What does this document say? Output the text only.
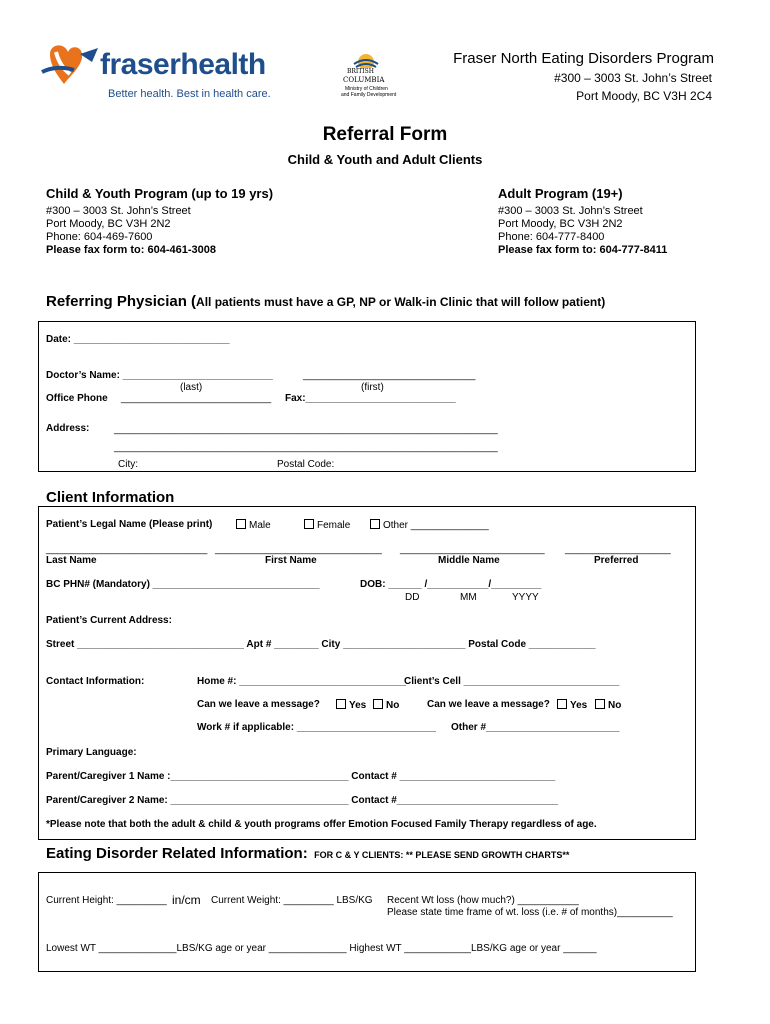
fraserhealth
Better health. Best in health care.
BRITISH
COLUMBIA
Ministry of Children
and Family Development
Fraser North Eating Disorders Program
#300 – 3003 St. John’s Street
Port Moody, BC V3H 2C4
Referral Form
Child & Youth and Adult Clients
Child & Youth Program (up to 19 yrs)
#300 – 3003 St. John’s Street
Port Moody, BC V3H 2N2
Phone: 604-469-7600
Please fax form to: 604-461-3008
Adult Program (19+)
#300 – 3003 St. John’s Street
Port Moody, BC V3H 2N2
Phone: 604-777-8400
Please fax form to: 604-777-8411
Referring Physician (All patients must have a GP, NP or Walk-in Clinic that will follow patient)
Date: ____________________________
Doctor’s Name: ___________________________	_______________________________
(last)	(first)
Office Phone ___________________________ Fax:___________________________
Address: _____________________________________________________________________
_____________________________________________________________________
City:	Postal Code:
Client Information
Patient’s Legal Name (Please print)	Male	Female	Other ______________
_____________________________ ______________________________ __________________________ ___________________
Last Name	First Name	Middle Name	Preferred
BC PHN# (Mandatory) ______________________________	DOB: ______ /___________/_________
DD	MM	YYYY
Patient’s Current Address:
Street ______________________________ Apt # ________ City ______________________ Postal Code ____________
Contact Information:	Home #: ______________________________
Client’s Cell ____________________________
Can we leave a message?	Yes	No	Can we leave a message?	Yes	No
Work # if applicable: _________________________ Other #________________________
Primary Language:
Parent/Caregiver 1 Name :________________________________ Contact # ____________________________
Parent/Caregiver 2 Name: ________________________________ Contact #_____________________________
*Please note that both the adult & child & youth programs offer Emotion Focused Family Therapy regardless of age.
Eating Disorder Related Information: FOR C & Y CLIENTS: ** PLEASE SEND GROWTH CHARTS**
Current Height: _________ in/cm Current Weight: _________ LBS/KG Recent Wt loss (how much?) ___________
Please state time frame of wt. loss (i.e. # of months)__________
Lowest WT ______________LBS/KG age or year ______________ Highest WT ____________LBS/KG age or year ______
